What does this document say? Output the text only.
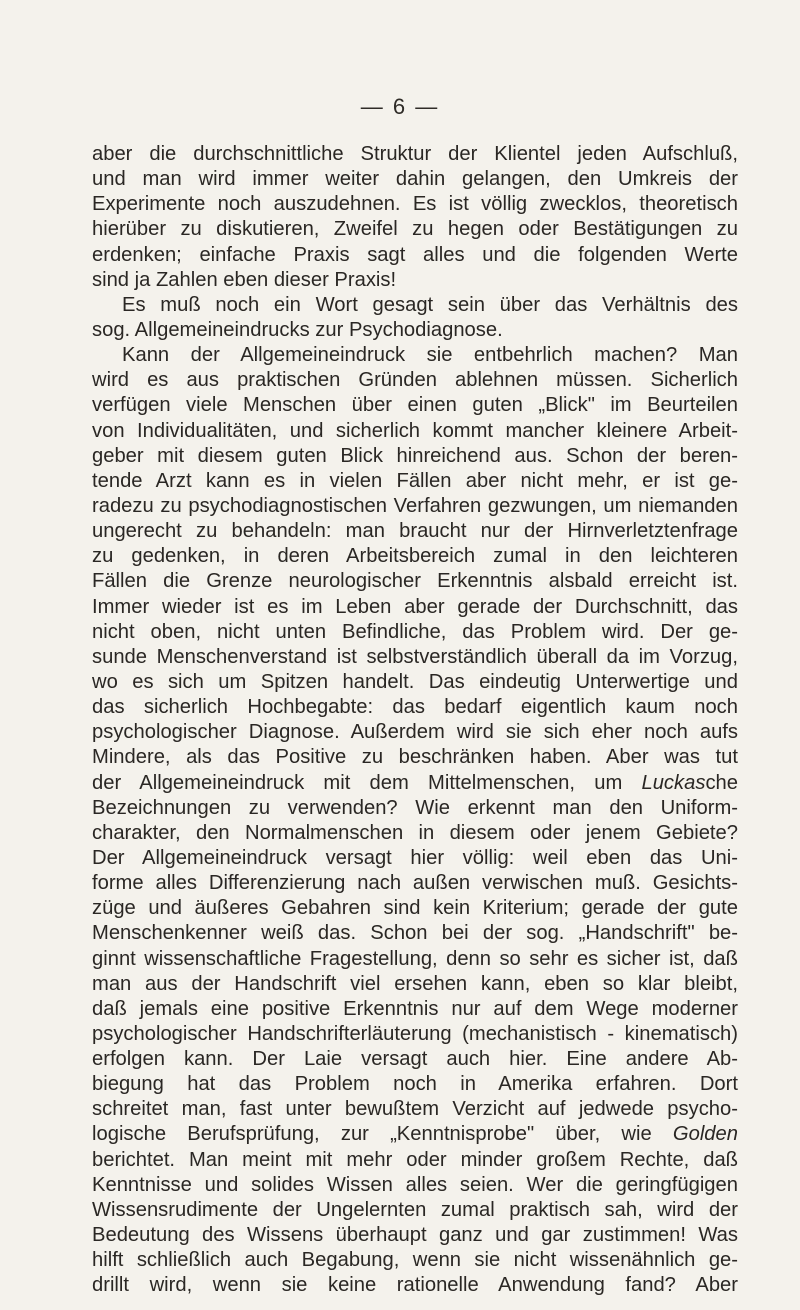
— 6 —
aber die durchschnittliche Struktur der Klientel jeden Aufschluß,
und man wird immer weiter dahin gelangen, den Umkreis der
Experimente noch auszudehnen. Es ist völlig zwecklos, theoretisch
hierüber zu diskutieren, Zweifel zu hegen oder Bestätigungen zu
erdenken; einfache Praxis sagt alles und die folgenden Werte
sind ja Zahlen eben dieser Praxis!
Es muß noch ein Wort gesagt sein über das Verhältnis des
sog. Allgemeineindrucks zur Psychodiagnose.
Kann der Allgemeineindruck sie entbehrlich machen? Man
wird es aus praktischen Gründen ablehnen müssen. Sicherlich
verfügen viele Menschen über einen guten „Blick" im Beurteilen
von Individualitäten, und sicherlich kommt mancher kleinere Arbeit-
geber mit diesem guten Blick hinreichend aus. Schon der beren-
tende Arzt kann es in vielen Fällen aber nicht mehr, er ist ge-
radezu zu psychodiagnostischen Verfahren gezwungen, um niemanden
ungerecht zu behandeln: man braucht nur der Hirnverletztenfrage
zu gedenken, in deren Arbeitsbereich zumal in den leichteren
Fällen die Grenze neurologischer Erkenntnis alsbald erreicht ist.
Immer wieder ist es im Leben aber gerade der Durchschnitt, das
nicht oben, nicht unten Befindliche, das Problem wird. Der ge-
sunde Menschenverstand ist selbstverständlich überall da im Vorzug,
wo es sich um Spitzen handelt. Das eindeutig Unterwertige und
das sicherlich Hochbegabte: das bedarf eigentlich kaum noch
psychologischer Diagnose. Außerdem wird sie sich eher noch aufs
Mindere, als das Positive zu beschränken haben. Aber was tut
der Allgemeineindruck mit dem Mittelmenschen, um Luckasche
Bezeichnungen zu verwenden? Wie erkennt man den Uniform-
charakter, den Normalmenschen in diesem oder jenem Gebiete?
Der Allgemeineindruck versagt hier völlig: weil eben das Uni-
forme alles Differenzierung nach außen verwischen muß. Gesichts-
züge und äußeres Gebahren sind kein Kriterium; gerade der gute
Menschenkenner weiß das. Schon bei der sog. „Handschrift" be-
ginnt wissenschaftliche Fragestellung, denn so sehr es sicher ist, daß
man aus der Handschrift viel ersehen kann, eben so klar bleibt,
daß jemals eine positive Erkenntnis nur auf dem Wege moderner
psychologischer Handschrifterläuterung (mechanistisch - kinematisch)
erfolgen kann. Der Laie versagt auch hier. Eine andere Ab-
biegung hat das Problem noch in Amerika erfahren. Dort
schreitet man, fast unter bewußtem Verzicht auf jedwede psycho-
logische Berufsprüfung, zur „Kenntnisprobe" über, wie Golden
berichtet. Man meint mit mehr oder minder großem Rechte, daß
Kenntnisse und solides Wissen alles seien. Wer die geringfügigen
Wissensrudimente der Ungelernten zumal praktisch sah, wird der
Bedeutung des Wissens überhaupt ganz und gar zustimmen! Was
hilft schließlich auch Begabung, wenn sie nicht wissenähnlich ge-
drillt wird, wenn sie keine rationelle Anwendung fand? Aber
